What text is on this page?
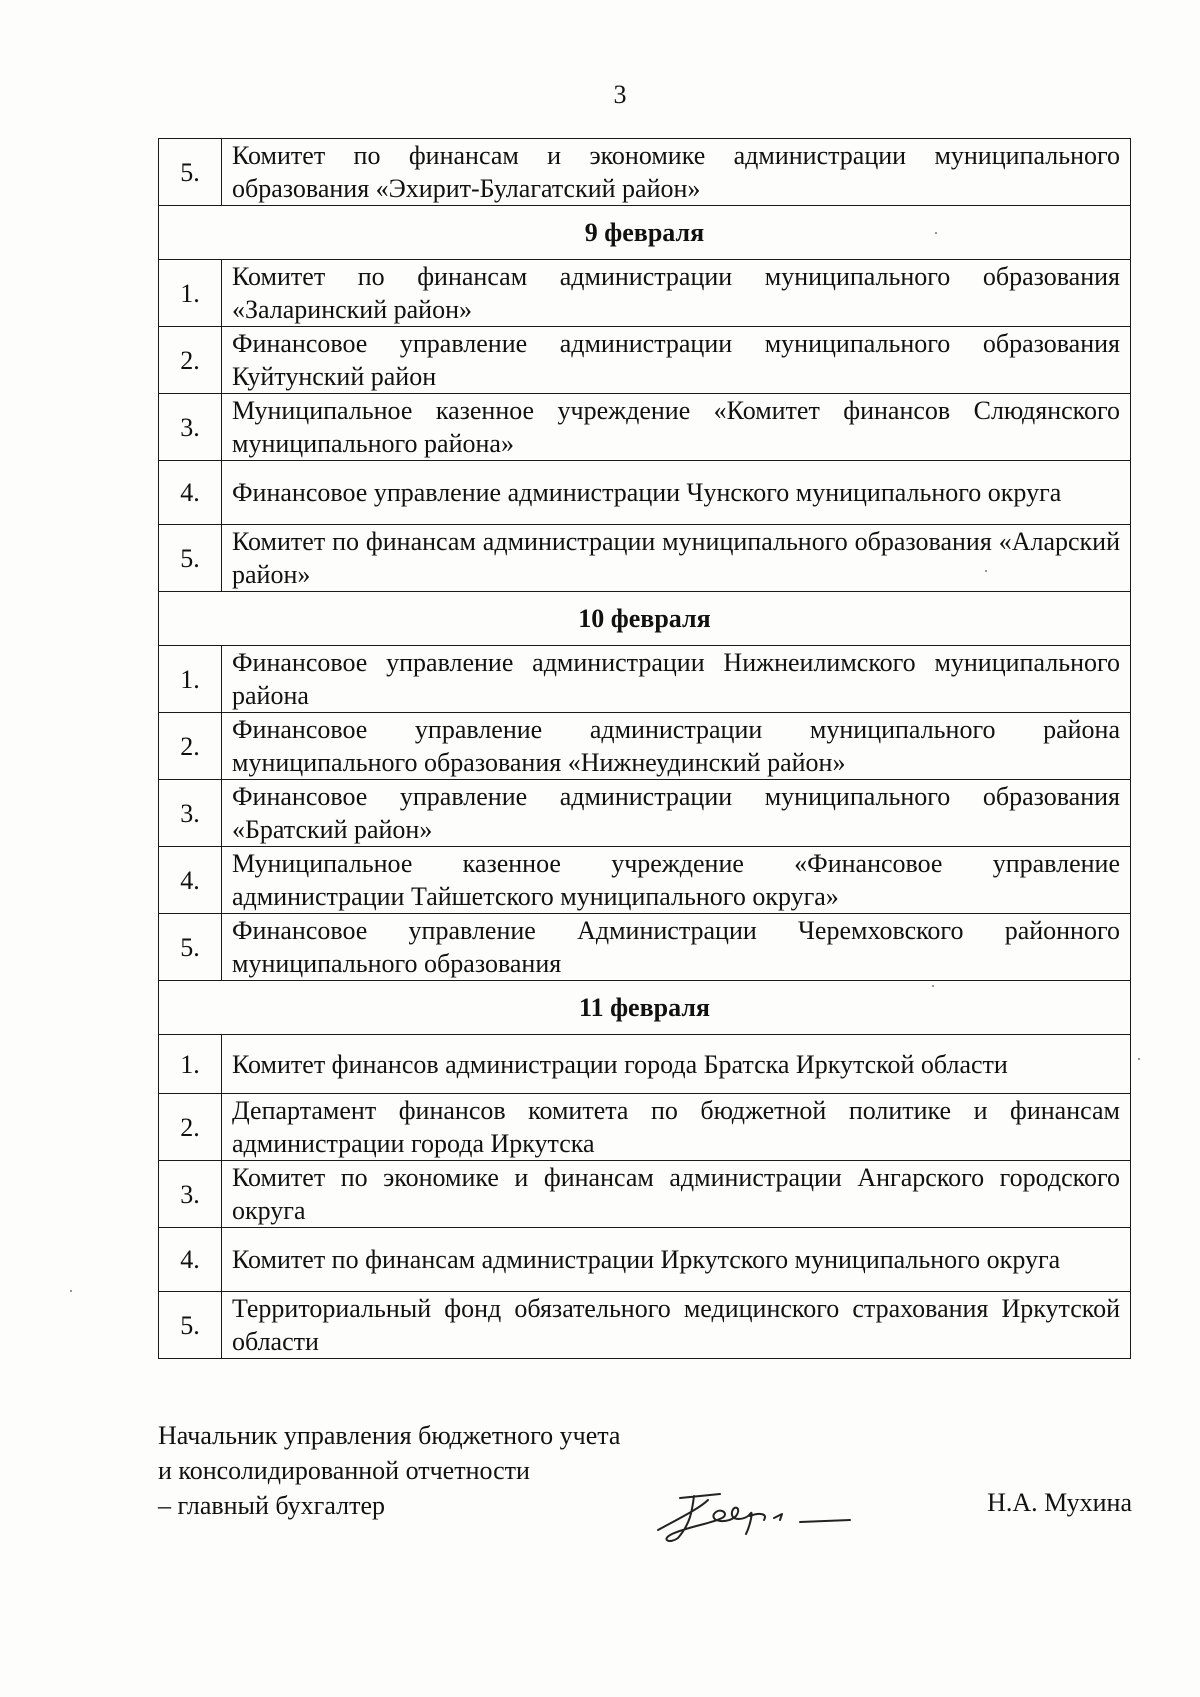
3
5.	Комитет по финансам и экономике администрации муниципального образования «Эхирит-Булагатский район»
9 февраля	
1.	Комитет по финансам администрации муниципального образования «Заларинский район»
2.	Финансовое управление администрации муниципального образования Куйтунский район
3.	Муниципальное казенное учреждение «Комитет финансов Слюдянского муниципального района»
4.	Финансовое управление администрации Чунского муниципального округа
5.	Комитет по финансам администрации муниципального образования «Аларский район»
10 февраля	
1.	Финансовое управление администрации Нижнеилимского муниципального района
2.	Финансовое управление администрации муниципального района муниципального образования «Нижнеудинский район»
3.	Финансовое управление администрации муниципального образования «Братский район»
4.	Муниципальное казенное учреждение «Финансовое управление администрации Тайшетского муниципального округа»
5.	Финансовое управление Администрации Черемховского районного муниципального образования
11 февраля	
1.	Комитет финансов администрации города Братска Иркутской области
2.	Департамент финансов комитета по бюджетной политике и финансам администрации города Иркутска
3.	Комитет по экономике и финансам администрации Ангарского городского округа
4.	Комитет по финансам администрации Иркутского муниципального округа
5.	Территориальный фонд обязательного медицинского страхования Иркутской области
Начальник управления бюджетного учета
и консолидированной отчетности
– главный бухгалтер	Н.А. Мухина
